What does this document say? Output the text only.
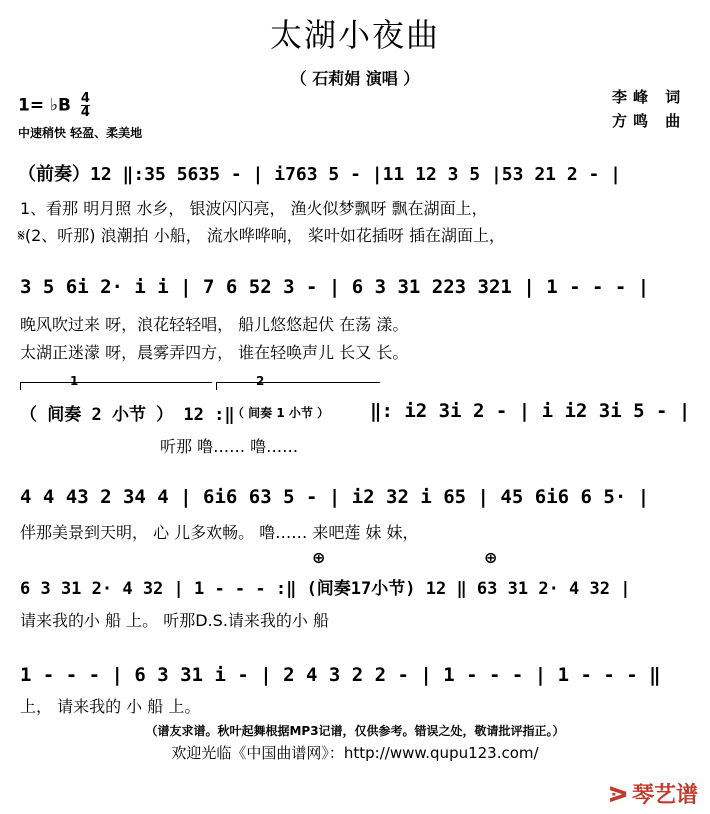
太湖小夜曲
（ 石莉娟 演唱 ）
1= ♭B $\frac{4}{4}$
中速稍快 轻盈、柔美地
李峰 词
方鸣 曲
（前奏）12 ‖:35 5635 - | i763 5 - |11 12 3 5 |53 21 2 - |
1、看那 明月照 水乡， 银波闪闪亮， 渔火似梦飘呀 飘在湖面上，
𝄋(2、听那) 浪潮拍 小船， 流水哗哗响， 桨叶如花插呀 插在湖面上，
3 5 6i 2· i i | 7 6 52 3 - | 6 3 31 223 321 | 1 - - - |
晚风吹过来 呀，浪花轻轻唱， 船儿悠悠起伏 在荡 漾。
太湖正迷濛 呀，晨雾弄四方， 谁在轻唤声儿 长又 长。
1	2
（ 间奏 2 小节 ） 12 :‖
（ 间奏 1 小节 ） ‖: i2 3i 2 - | i i2 3i 5 - |
听那 噜…… 噜……
4 4 43 2 34 4 | 6i6 63 5 - | i2 32 i 65 | 45 6i6 6 5· |
伴那美景到天明， 心 儿多欢畅。 噜…… 来吧莲 妹 妹，
⊕	⊕
6 3 31 2· 4 32 | 1 - - - :‖ (间奏17小节) 12 ‖ 63 31 2· 4 32 |
请来我的小 船 上。 听那D.S.请来我的小 船
1 - - - | 6 3 31 i - | 2 4 3 2 2 - | 1 - - - | 1 - - - ‖
上， 请来我的 小 船 上。
（谱友求谱。秋叶起舞根据MP3记谱，仅供参考。错误之处，敬请批评指正。）
欢迎光临《中国曲谱网》：http://www.qupu123.com/
ᐷ 琴艺谱
